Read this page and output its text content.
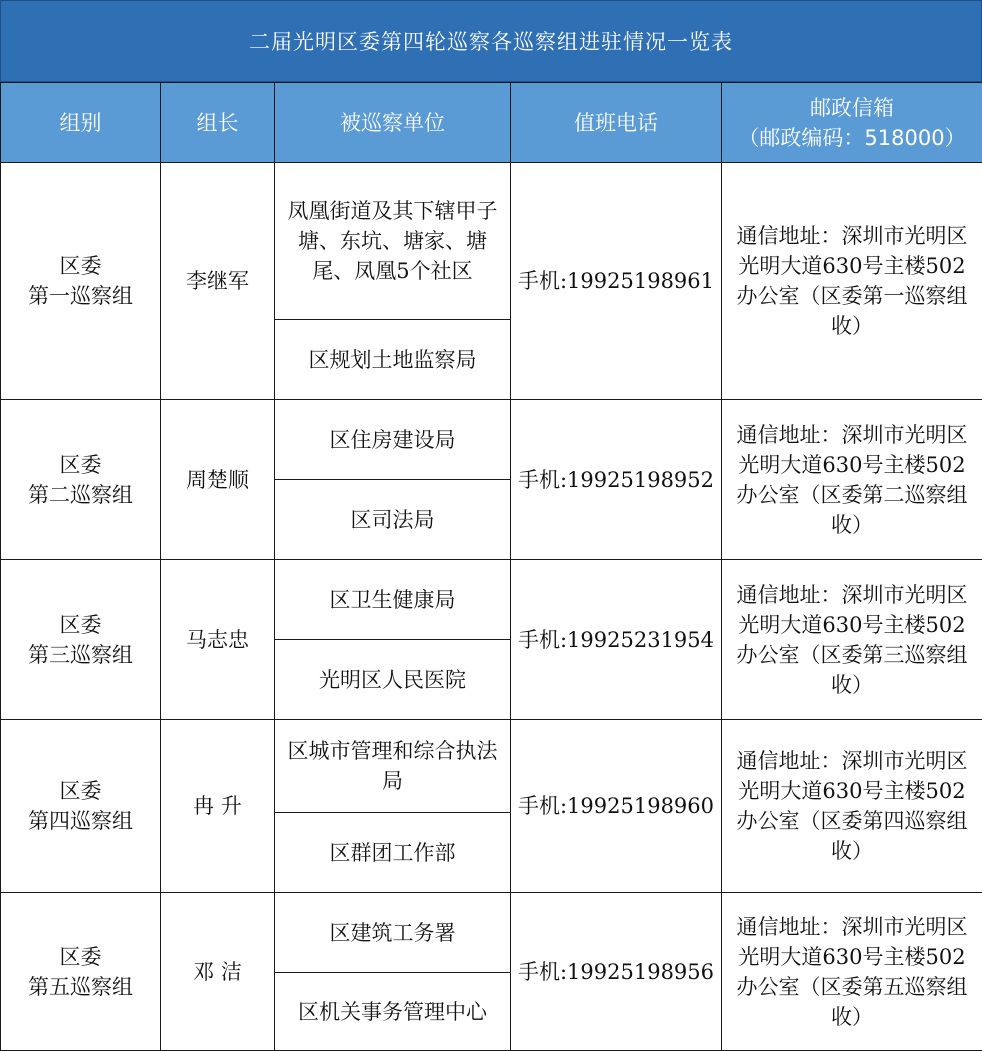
二届光明区委第四轮巡察各巡察组进驻情况一览表
组别	组长	被巡察单位	值班电话	邮政信箱
（邮政编码：518000）

区委
第一巡察组	李继军	凤凰街道及其下辖甲子塘、东坑、塘家、塘尾、凤凰5个社区	手机:19925198961	通信地址：深圳市光明区光明大道630号主楼502办公室（区委第一巡察组 收）
		区规划土地监察局		

区委
第二巡察组	周楚顺	区住房建设局	手机:19925198952	通信地址：深圳市光明区光明大道630号主楼502办公室（区委第二巡察组 收）
		区司法局		

区委
第三巡察组	马志忠	区卫生健康局	手机:19925231954	通信地址：深圳市光明区光明大道630号主楼502办公室（区委第三巡察组 收）
		光明区人民医院		

区委
第四巡察组	冉 升	区城市管理和综合执法局	手机:19925198960	通信地址：深圳市光明区光明大道630号主楼502办公室（区委第四巡察组 收）
		区群团工作部		

区委
第五巡察组	邓 洁	区建筑工务署	手机:19925198956	通信地址：深圳市光明区光明大道630号主楼502办公室（区委第五巡察组 收）
		区机关事务管理中心		
